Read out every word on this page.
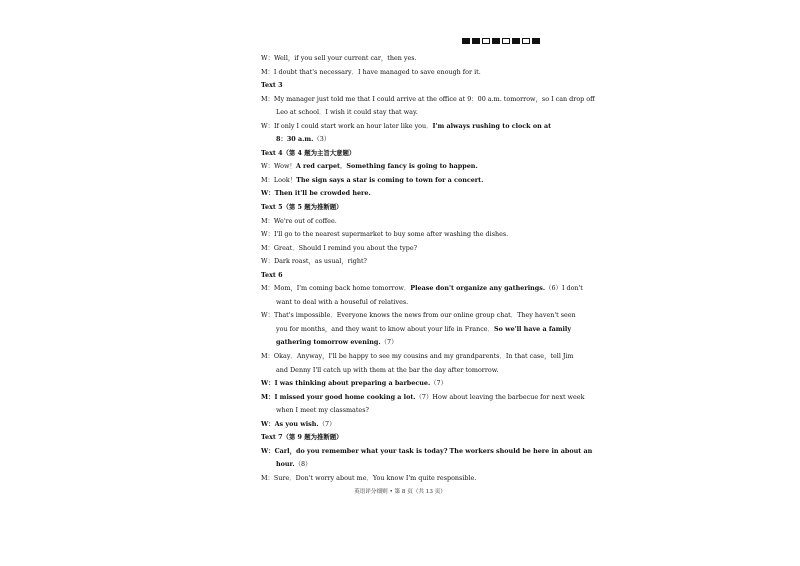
W：Well，if you sell your current car，then yes.
M：I doubt that's necessary．I have managed to save enough for it.
Text 3
M：My manager just told me that I could arrive at the office at 9：00 a.m. tomorrow，so I can drop off
Leo at school．I wish it could stay that way.
W：If only I could start work an hour later like you．I'm always rushing to clock on at
8：30 a.m.（3）
Text 4（第 4 题为主旨大意题）
W：Wow！A red carpet．Something fancy is going to happen.
M：Look！The sign says a star is coming to town for a concert.
W：Then it'll be crowded here.
Text 5（第 5 题为推断题）
M：We're out of coffee.
W：I'll go to the nearest supermarket to buy some after washing the dishes.
M：Great．Should I remind you about the type?
W：Dark roast，as usual，right?
Text 6
M：Mom，I'm coming back home tomorrow．Please don't organize any gatherings.（6）I don't
want to deal with a houseful of relatives.
W：That's impossible．Everyone knows the news from our online group chat．They haven't seen
you for months，and they want to know about your life in France．So we'll have a family
gathering tomorrow evening.（7）
M：Okay．Anyway，I'll be happy to see my cousins and my grandparents．In that case，tell Jim
and Denny I'll catch up with them at the bar the day after tomorrow.
W：I was thinking about preparing a barbecue.（7）
M：I missed your good home cooking a lot.（7）How about leaving the barbecue for next week
when I meet my classmates?
W：As you wish.（7）
Text 7（第 9 题为推断题）
W：Carl，do you remember what your task is today? The workers should be here in about an
hour.（8）
M：Sure．Don't worry about me．You know I'm quite responsible.
英语评分细则 • 第 8 页（共 13 页）
